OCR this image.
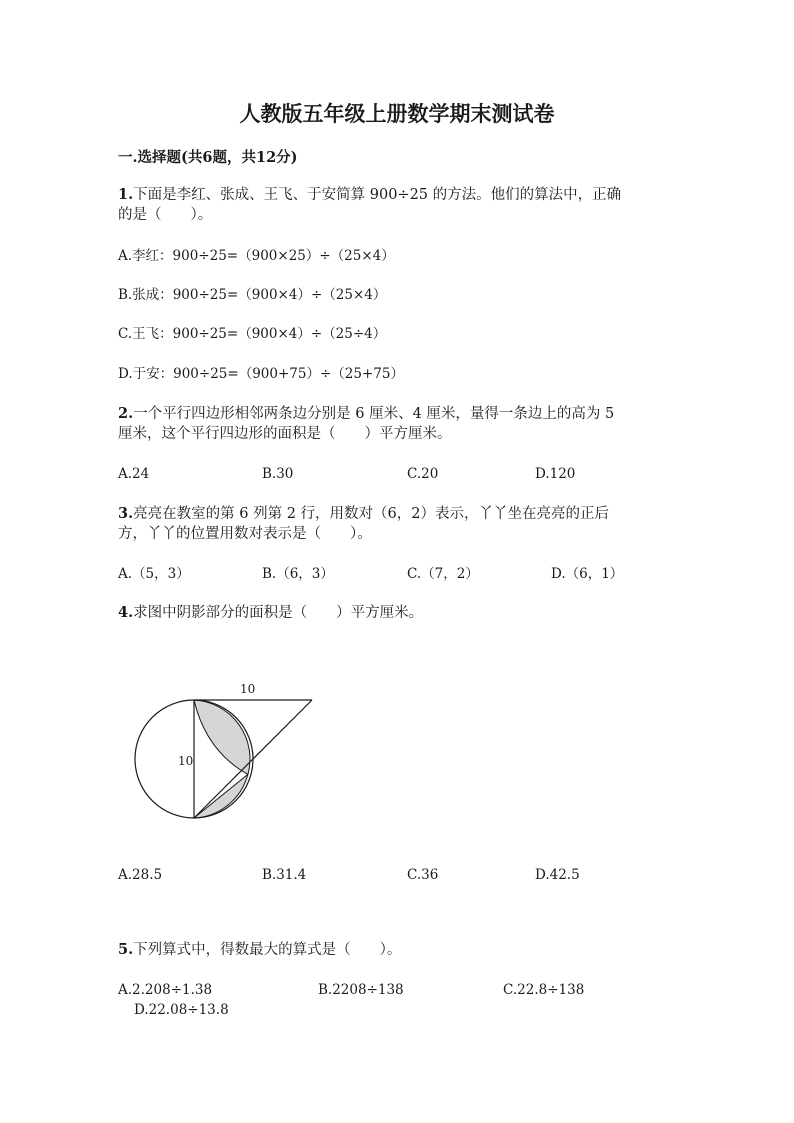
人教版五年级上册数学期末测试卷
一.选择题(共6题，共12分)
1.下面是李红、张成、王飞、于安简算 900÷25 的方法。他们的算法中，正确
的是（　　）。
A.李红：900÷25=（900×25）÷（25×4）
B.张成：900÷25=（900×4）÷（25×4）
C.王飞：900÷25=（900×4）÷（25÷4）
D.于安：900÷25=（900+75）÷（25+75）
2.一个平行四边形相邻两条边分别是 6 厘米、4 厘米，量得一条边上的高为 5
厘米，这个平行四边形的面积是（　　）平方厘米。
A.24	B.30	C.20	D.120
3.亮亮在教室的第 6 列第 2 行，用数对（6，2）表示，丫丫坐在亮亮的正后
方，丫丫的位置用数对表示是（　　）。
A.（5，3）	B.（6，3）	C.（7，2）	D.（6，1）
4.求图中阴影部分的面积是（　　）平方厘米。
10
10
A.28.5	B.31.4	C.36	D.42.5
5.下列算式中，得数最大的算式是（　　）。
A.2.208÷1.38	B.2208÷138	C.22.8÷138
D.22.08÷13.8
